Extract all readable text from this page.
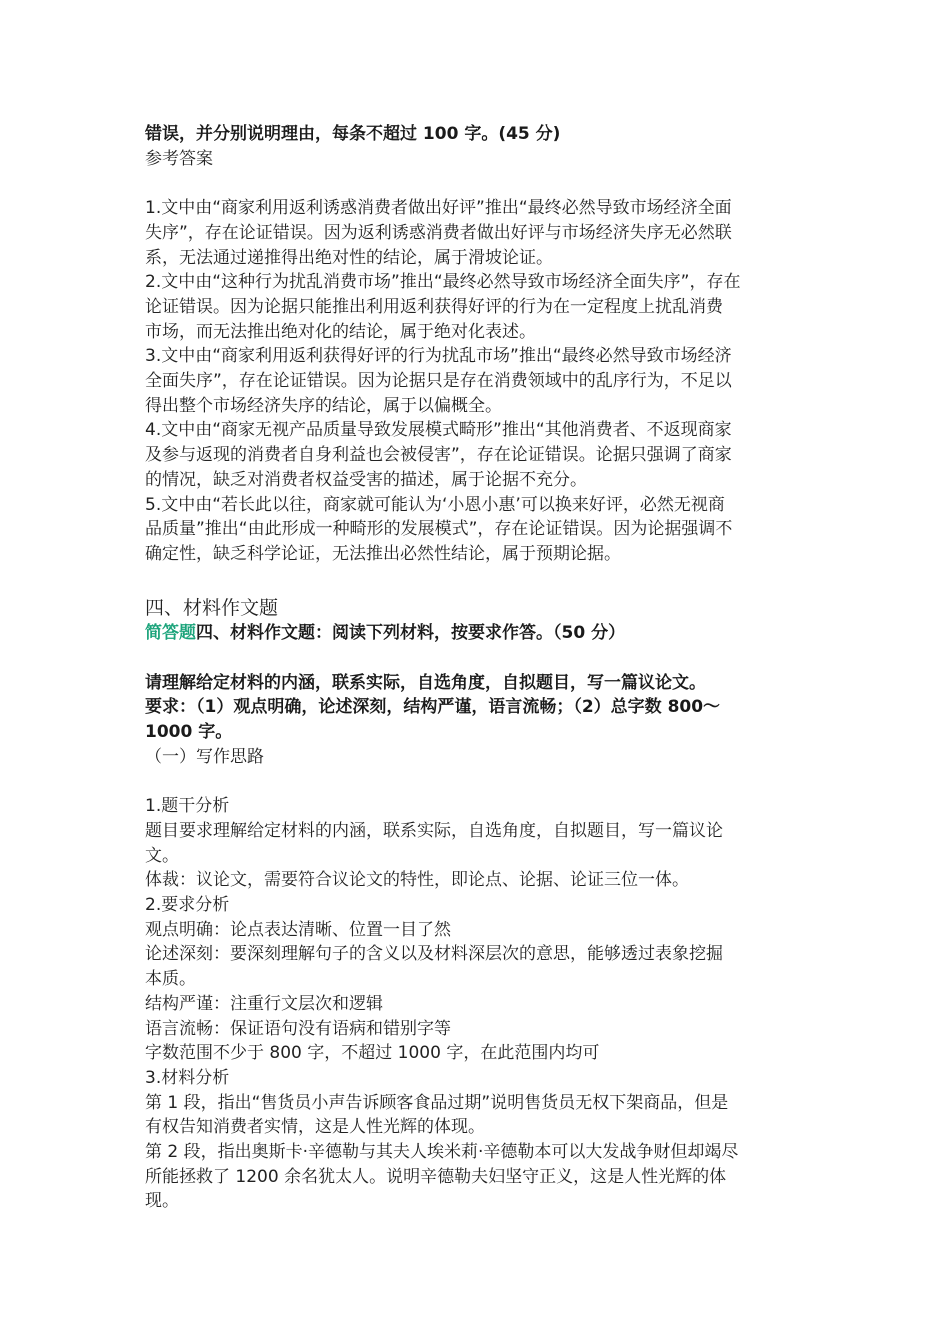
错误，并分别说明理由，每条不超过 100 字。(45 分)

参考答案

1.文中由“商家利用返利诱惑消费者做出好评”推出“最终必然导致市场经济全面

失序”，存在论证错误。因为返利诱惑消费者做出好评与市场经济失序无必然联

系，无法通过递推得出绝对性的结论，属于滑坡论证。

2.文中由“这种行为扰乱消费市场”推出“最终必然导致市场经济全面失序”，存在

论证错误。因为论据只能推出利用返利获得好评的行为在一定程度上扰乱消费

市场，而无法推出绝对化的结论，属于绝对化表述。

3.文中由“商家利用返利获得好评的行为扰乱市场”推出“最终必然导致市场经济

全面失序”，存在论证错误。因为论据只是存在消费领域中的乱序行为，不足以

得出整个市场经济失序的结论，属于以偏概全。

4.文中由“商家无视产品质量导致发展模式畸形”推出“其他消费者、不返现商家

及参与返现的消费者自身利益也会被侵害”，存在论证错误。论据只强调了商家

的情况，缺乏对消费者权益受害的描述，属于论据不充分。

5.文中由“若长此以往，商家就可能认为‘小恩小惠’可以换来好评，必然无视商

品质量”推出“由此形成一种畸形的发展模式”，存在论证错误。因为论据强调不

确定性，缺乏科学论证，无法推出必然性结论，属于预期论据。

四、材料作文题

简答题四、材料作文题：阅读下列材料，按要求作答。（50 分）

请理解给定材料的内涵，联系实际，自选角度，自拟题目，写一篇议论文。

要求：（1）观点明确，论述深刻，结构严谨，语言流畅；（2）总字数 800～

1000 字。

（一）写作思路

1.题干分析

题目要求理解给定材料的内涵，联系实际，自选角度，自拟题目，写一篇议论

文。

体裁：议论文，需要符合议论文的特性，即论点、论据、论证三位一体。

2.要求分析

观点明确：论点表达清晰、位置一目了然

论述深刻：要深刻理解句子的含义以及材料深层次的意思，能够透过表象挖掘

本质。

结构严谨：注重行文层次和逻辑

语言流畅：保证语句没有语病和错别字等

字数范围不少于 800 字，不超过 1000 字，在此范围内均可

3.材料分析

第 1 段，指出“售货员小声告诉顾客食品过期”说明售货员无权下架商品，但是

有权告知消费者实情，这是人性光辉的体现。

第 2 段，指出奥斯卡·辛德勒与其夫人埃米莉·辛德勒本可以大发战争财但却竭尽

所能拯救了 1200 余名犹太人。说明辛德勒夫妇坚守正义，这是人性光辉的体

现。
